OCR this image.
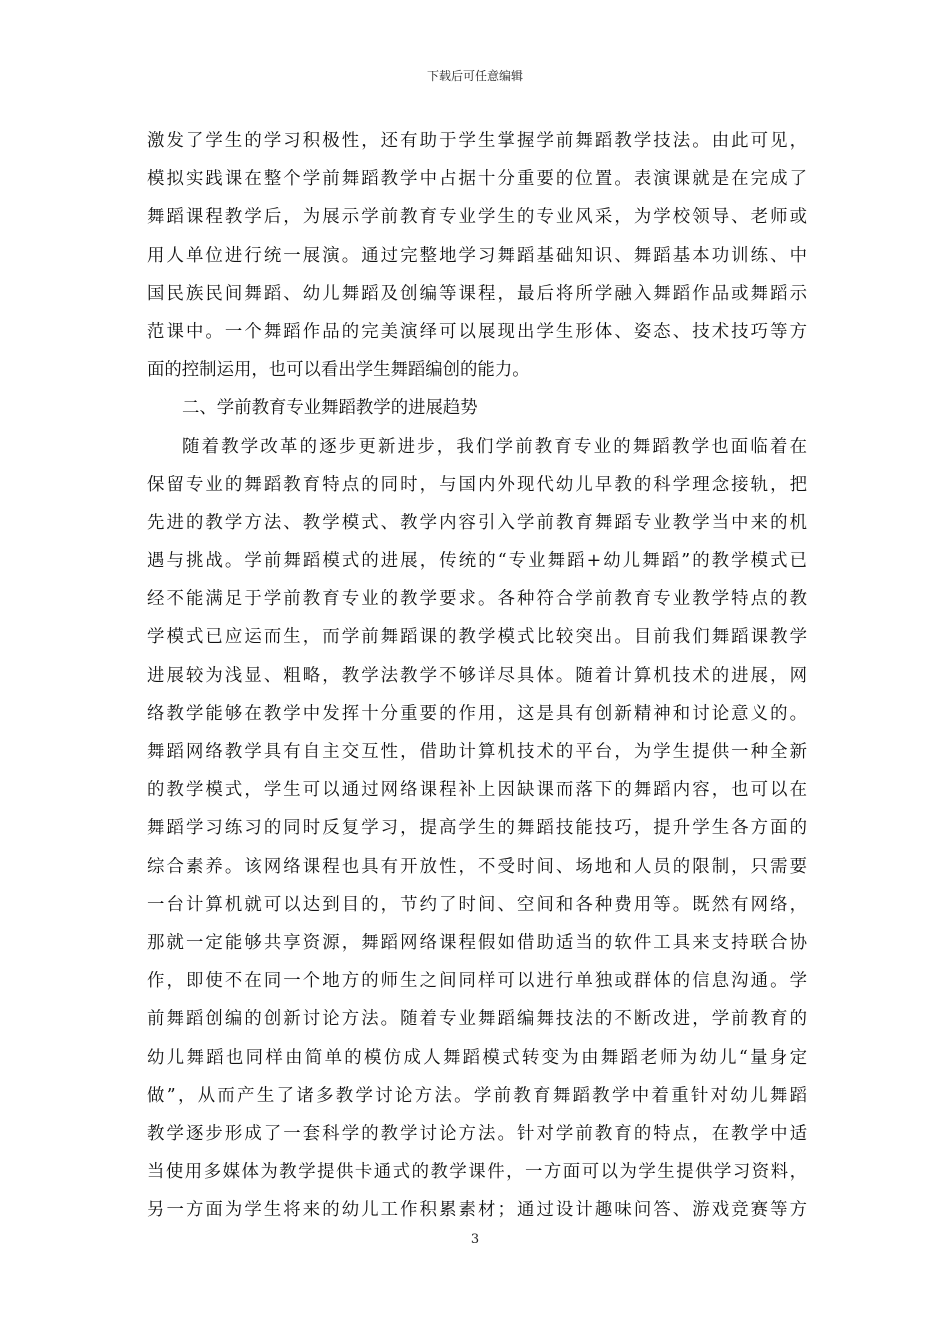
下载后可任意编辑
激发了学生的学习积极性，还有助于学生掌握学前舞蹈教学技法。由此可见，
模拟实践课在整个学前舞蹈教学中占据十分重要的位置。表演课就是在完成了
舞蹈课程教学后，为展示学前教育专业学生的专业风采，为学校领导、老师或
用人单位进行统一展演。通过完整地学习舞蹈基础知识、舞蹈基本功训练、中
国民族民间舞蹈、幼儿舞蹈及创编等课程，最后将所学融入舞蹈作品或舞蹈示
范课中。一个舞蹈作品的完美演绎可以展现出学生形体、姿态、技术技巧等方
面的控制运用，也可以看出学生舞蹈编创的能力。
二、学前教育专业舞蹈教学的进展趋势
随着教学改革的逐步更新进步，我们学前教育专业的舞蹈教学也面临着在
保留专业的舞蹈教育特点的同时，与国内外现代幼儿早教的科学理念接轨，把
先进的教学方法、教学模式、教学内容引入学前教育舞蹈专业教学当中来的机
遇与挑战。学前舞蹈模式的进展，传统的“专业舞蹈+幼儿舞蹈”的教学模式已
经不能满足于学前教育专业的教学要求。各种符合学前教育专业教学特点的教
学模式已应运而生，而学前舞蹈课的教学模式比较突出。目前我们舞蹈课教学
进展较为浅显、粗略，教学法教学不够详尽具体。随着计算机技术的进展，网
络教学能够在教学中发挥十分重要的作用，这是具有创新精神和讨论意义的。
舞蹈网络教学具有自主交互性，借助计算机技术的平台，为学生提供一种全新
的教学模式，学生可以通过网络课程补上因缺课而落下的舞蹈内容，也可以在
舞蹈学习练习的同时反复学习，提高学生的舞蹈技能技巧，提升学生各方面的
综合素养。该网络课程也具有开放性，不受时间、场地和人员的限制，只需要
一台计算机就可以达到目的，节约了时间、空间和各种费用等。既然有网络，
那就一定能够共享资源，舞蹈网络课程假如借助适当的软件工具来支持联合协
作，即使不在同一个地方的师生之间同样可以进行单独或群体的信息沟通。学
前舞蹈创编的创新讨论方法。随着专业舞蹈编舞技法的不断改进，学前教育的
幼儿舞蹈也同样由简单的模仿成人舞蹈模式转变为由舞蹈老师为幼儿“量身定
做”，从而产生了诸多教学讨论方法。学前教育舞蹈教学中着重针对幼儿舞蹈
教学逐步形成了一套科学的教学讨论方法。针对学前教育的特点，在教学中适
当使用多媒体为教学提供卡通式的教学课件，一方面可以为学生提供学习资料，
另一方面为学生将来的幼儿工作积累素材；通过设计趣味问答、游戏竞赛等方
3
